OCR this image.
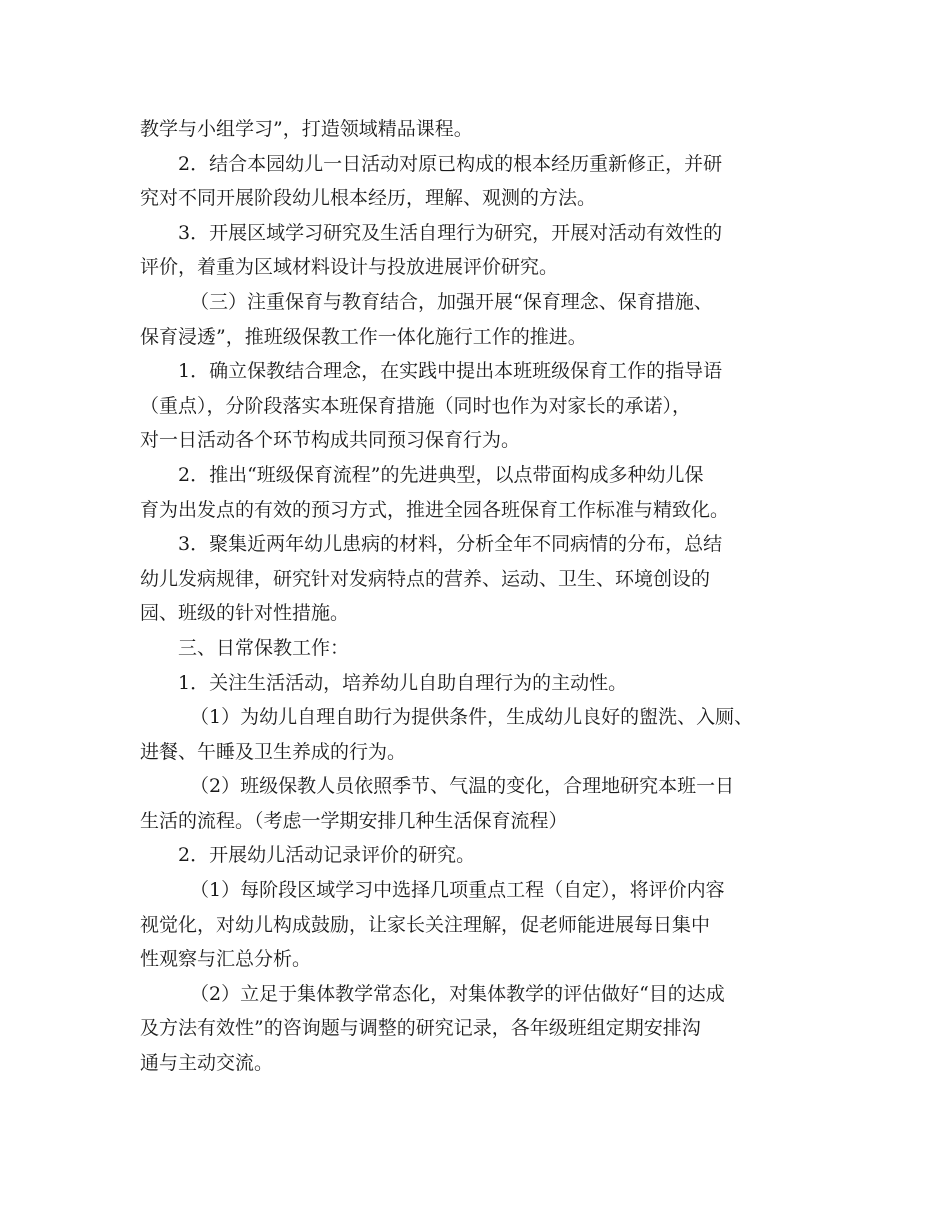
教学与小组学习”，打造领域精品课程。

2．结合本园幼儿一日活动对原已构成的根本经历重新修正，并研

究对不同开展阶段幼儿根本经历，理解、观测的方法。

3．开展区域学习研究及生活自理行为研究，开展对活动有效性的

评价，着重为区域材料设计与投放进展评价研究。

（三）注重保育与教育结合，加强开展“保育理念、保育措施、

保育浸透”，推班级保教工作一体化施行工作的推进。

1．确立保教结合理念，在实践中提出本班班级保育工作的指导语

（重点），分阶段落实本班保育措施（同时也作为对家长的承诺），

对一日活动各个环节构成共同预习保育行为。

2．推出“班级保育流程”的先进典型，以点带面构成多种幼儿保

育为出发点的有效的预习方式，推进全园各班保育工作标准与精致化。

3．聚集近两年幼儿患病的材料，分析全年不同病情的分布，总结

幼儿发病规律，研究针对发病特点的营养、运动、卫生、环境创设的

园、班级的针对性措施。

三、日常保教工作：

1．关注生活活动，培养幼儿自助自理行为的主动性。

（1）为幼儿自理自助行为提供条件，生成幼儿良好的盥洗、入厕、

进餐、午睡及卫生养成的行为。

（2）班级保教人员依照季节、气温的变化，合理地研究本班一日

生活的流程。（考虑一学期安排几种生活保育流程）

2．开展幼儿活动记录评价的研究。

（1）每阶段区域学习中选择几项重点工程（自定），将评价内容

视觉化，对幼儿构成鼓励，让家长关注理解，促老师能进展每日集中

性观察与汇总分析。

（2）立足于集体教学常态化，对集体教学的评估做好“目的达成

及方法有效性”的咨询题与调整的研究记录，各年级班组定期安排沟

通与主动交流。
